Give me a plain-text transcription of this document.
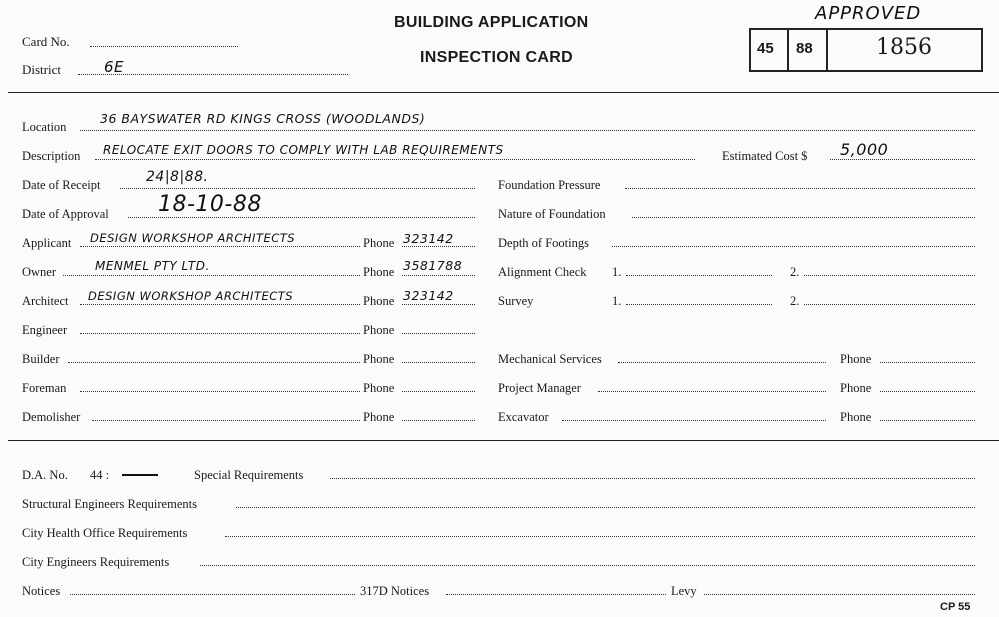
Card No.
District	6E
BUILDING APPLICATION
INSPECTION CARD
APPROVED
45 88	1856
Location
36 BAYSWATER RD KINGS CROSS (WOODLANDS)
Description RELOCATE EXIT DOORS TO COMPLY WITH LAB REQUIREMENTS	Estimated Cost $ 5,000
Date of Receipt	24|8|88.
Date of Approval 18-10-88
Applicant DESIGN WORKSHOP ARCHITECTS	Phone 323142
Owner	MENMEL PTY LTD.	Phone 3581788
Architect DESIGN WORKSHOP ARCHITECTS	Phone 323142
Engineer	Phone
Builder	Phone
Foreman	Phone
Demolisher	Phone
Foundation Pressure
Nature of Foundation
Depth of Footings
Alignment Check 1.	2.
Survey	1.	2.
Mechanical Services	Phone
Project Manager	Phone
Excavator	Phone
D.A. No. 44 :	Special Requirements
Structural Engineers Requirements
City Health Office Requirements
City Engineers Requirements
Notices	317D Notices	Levy
CP 55
